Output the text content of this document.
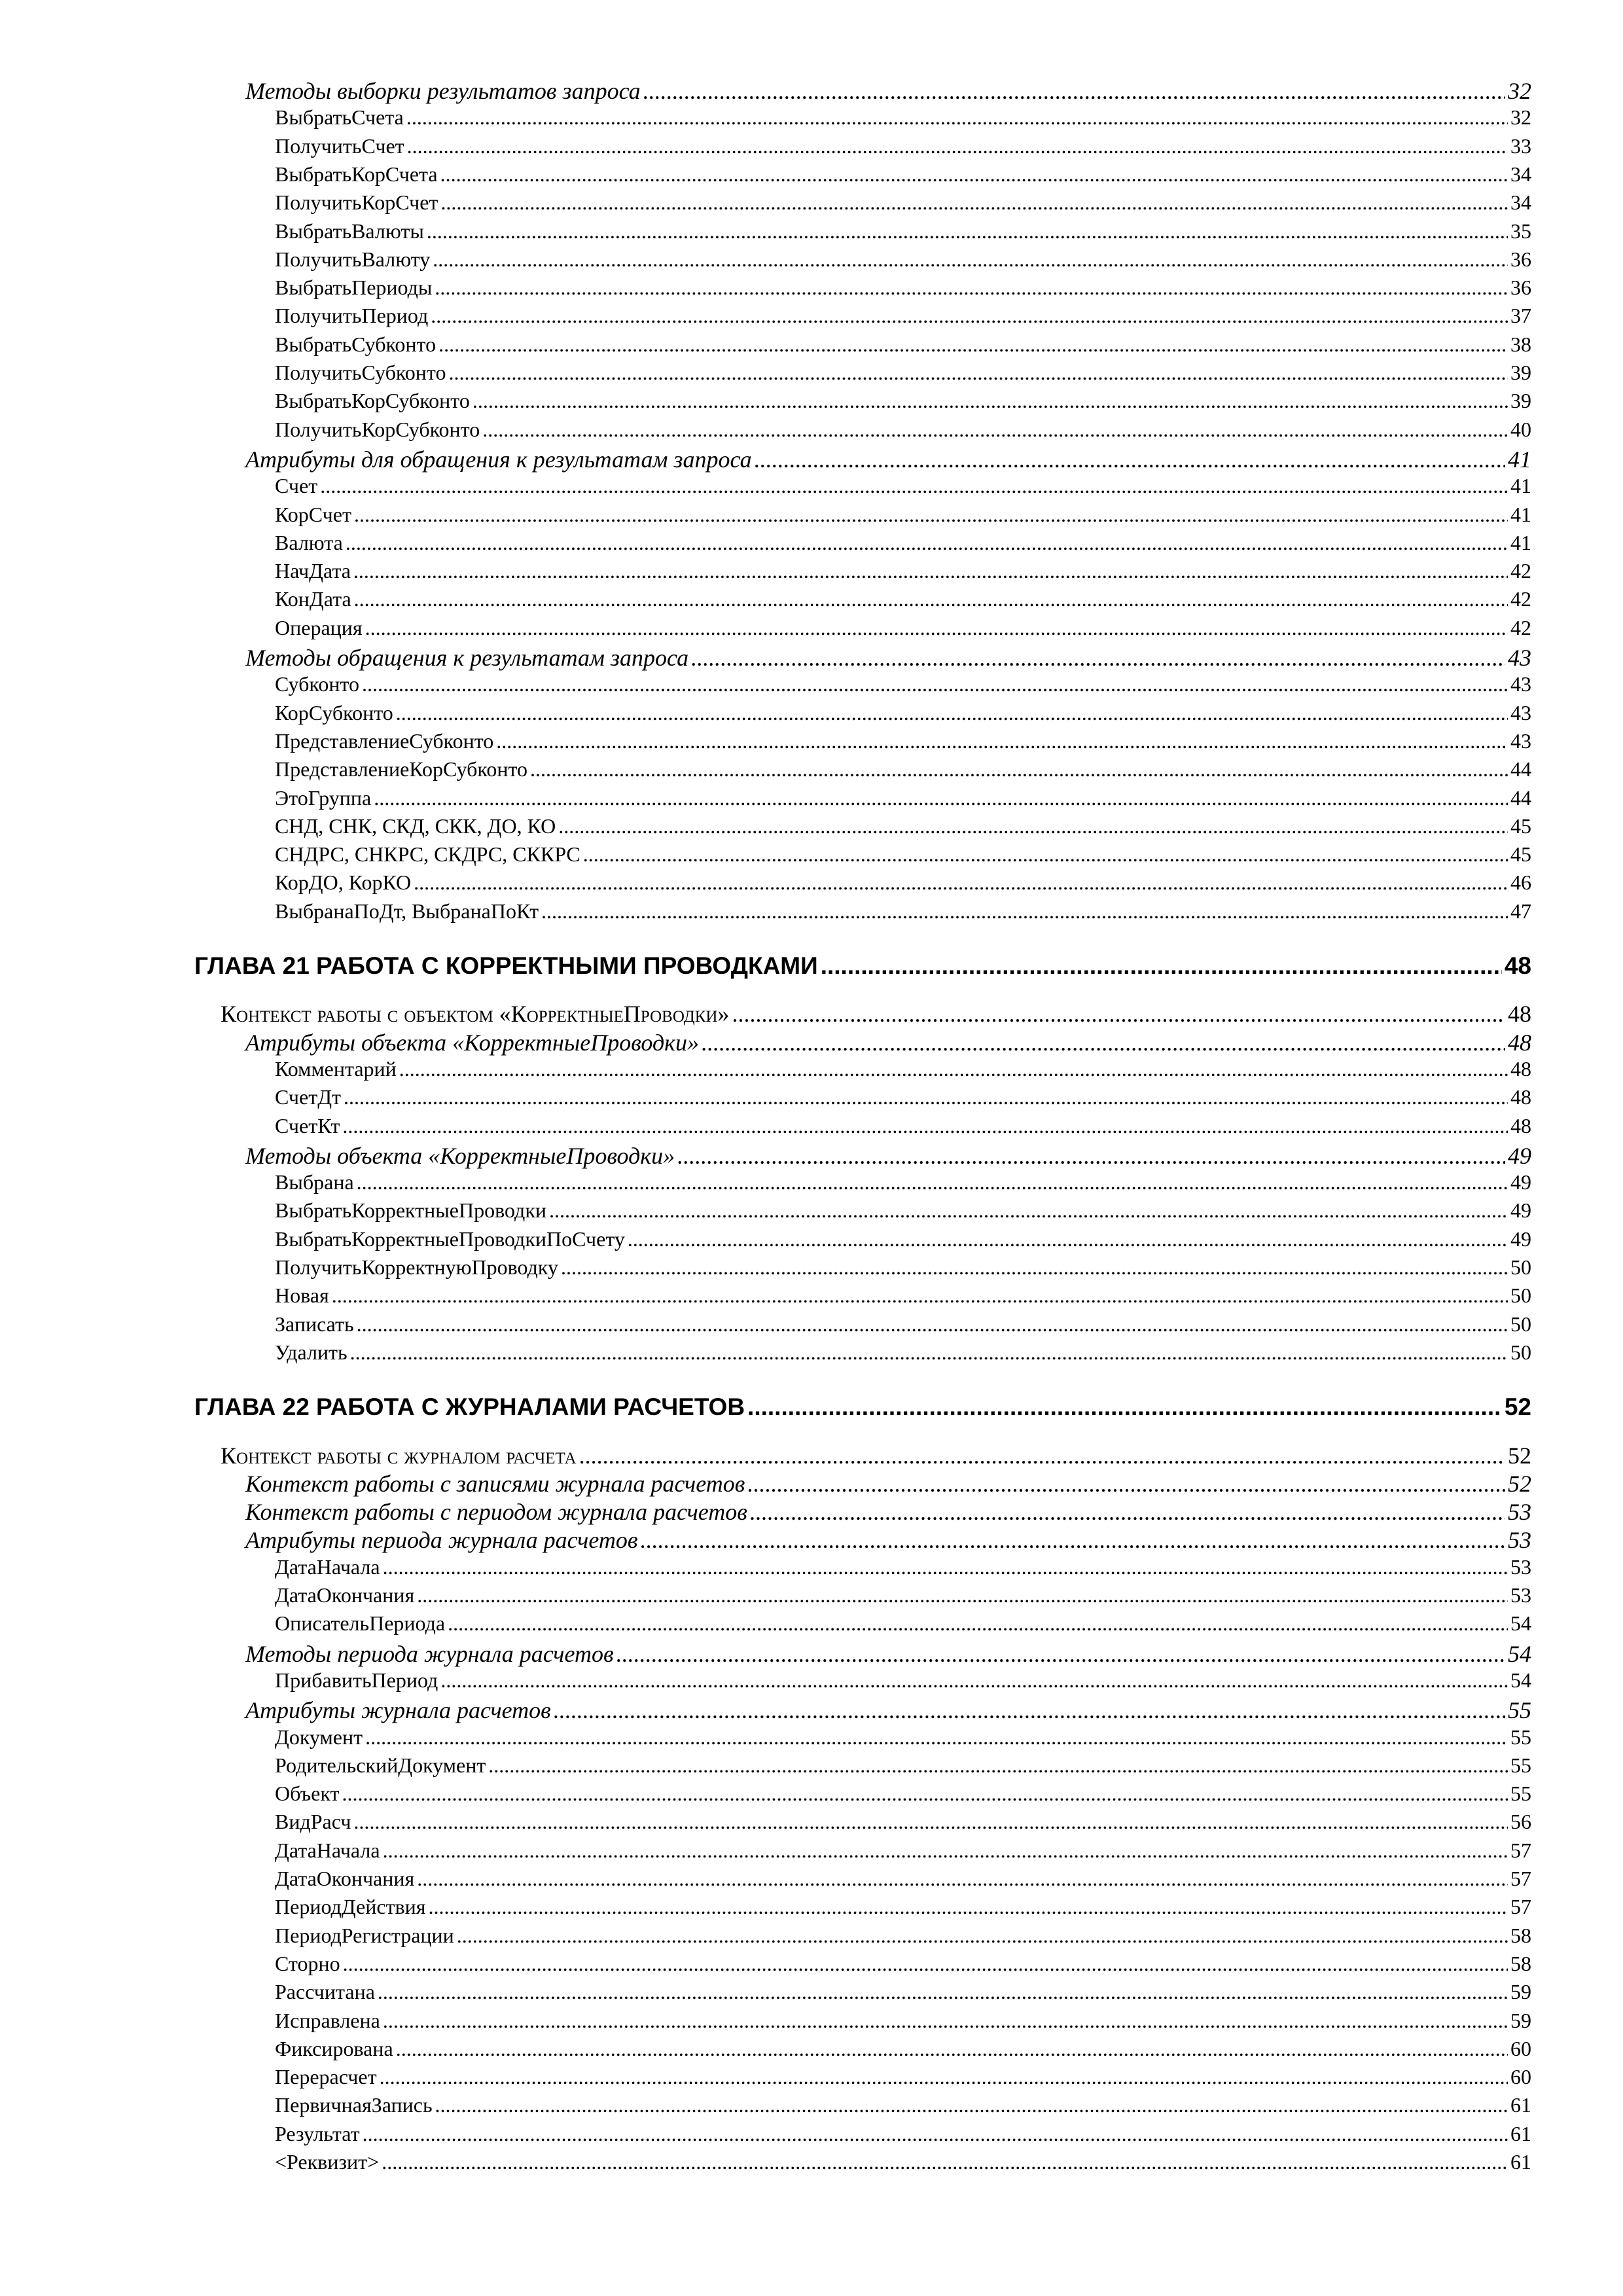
Методы выборки результатов запроса .....	32
ВыбратьСчета .....	32
ПолучитьСчет .....	33
ВыбратьКорСчета .....	34
ПолучитьКорСчет .....	34
ВыбратьВалюты .....	35
ПолучитьВалюту .....	36
ВыбратьПериоды .....	36
ПолучитьПериод .....	37
ВыбратьСубконто .....	38
ПолучитьСубконто .....	39
ВыбратьКорСубконто .....	39
ПолучитьКорСубконто .....	40
Атрибуты для обращения к результатам запроса .....	41
Счет .....	41
КорСчет .....	41
Валюта .....	41
НачДата .....	42
КонДата .....	42
Операция .....	42
Методы обращения к результатам запроса .....	43
Субконто .....	43
КорСубконто .....	43
ПредставлениеСубконто .....	43
ПредставлениеКорСубконто .....	44
ЭтоГруппа .....	44
СНД, СНК, СКД, СКК, ДО, КО .....	45
СНДРС, СНКРС, СКДРС, СККРС .....	45
КорДО, КорКО .....	46
ВыбранаПоДт, ВыбранаПоКт .....	47
ГЛАВА 21 РАБОТА С КОРРЕКТНЫМИ ПРОВОДКАМИ .....	48
Контекст работы с объектом «КорректныеПроводки» .....	48
Атрибуты объекта «КорректныеПроводки» .....	48
Комментарий .....	48
СчетДт .....	48
СчетКт .....	48
Методы объекта «КорректныеПроводки» .....	49
Выбрана .....	49
ВыбратьКорректныеПроводки .....	49
ВыбратьКорректныеПроводкиПоСчету .....	49
ПолучитьКорректнуюПроводку .....	50
Новая .....	50
Записать .....	50
Удалить .....	50
ГЛАВА 22 РАБОТА С ЖУРНАЛАМИ РАСЧЕТОВ .....	52
Контекст работы с журналом расчета .....	52
Контекст работы с записями журнала расчетов .....	52
Контекст работы с периодом журнала расчетов .....	53
Атрибуты периода журнала расчетов .....	53
ДатаНачала .....	53
ДатаОкончания .....	53
ОписательПериода .....	54
Методы периода журнала расчетов .....	54
ПрибавитьПериод .....	54
Атрибуты журнала расчетов .....	55
Документ .....	55
РодительскийДокумент .....	55
Объект .....	55
ВидРасч .....	56
ДатаНачала .....	57
ДатаОкончания .....	57
ПериодДействия .....	57
ПериодРегистрации .....	58
Сторно .....	58
Рассчитана .....	59
Исправлена .....	59
Фиксирована .....	60
Перерасчет .....	60
ПервичнаяЗапись .....	61
Результат .....	61
<Реквизит> .....	61
